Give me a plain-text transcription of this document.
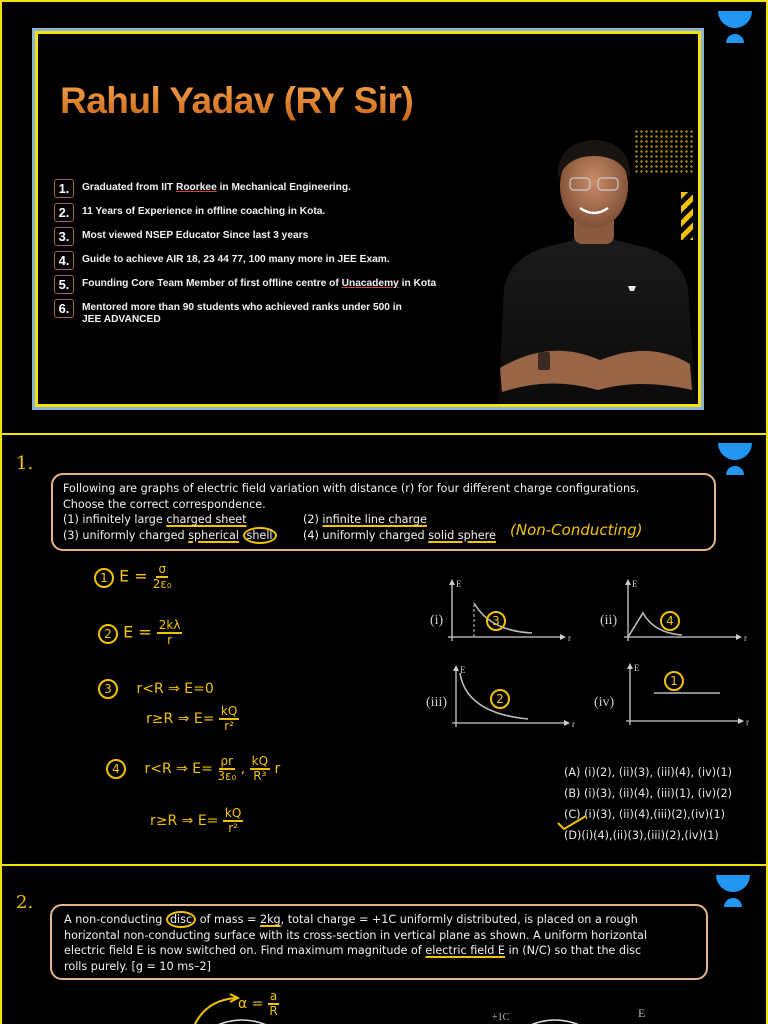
Rahul Yadav (RY Sir)
1.	Graduated from IIT Roorkee in Mechanical Engineering.
2.	11 Years of Experience in offline coaching in Kota.
3.	Most viewed NSEP Educator Since last 3 years
4.	Guide to achieve AIR 18, 23 44 77, 100 many more in JEE Exam.
5.	Founding Core Team Member of first offline centre of Unacademy in Kota
6.	Mentored more than 90 students who achieved ranks under 500 in
JEE ADVANCED
1.
Following are graphs of electric field variation with distance (r) for four different charge configurations.
Choose the correct correspondence.
(1) infinitely large charged sheet	(2) infinite line charge
(3) uniformly charged spherical shell	(4) uniformly charged solid sphere (Non-Conducting)
1 $E = \frac{\sigma}{\text{2ε₀}}$
2 $E = \frac{2k\lambda}{r}$
3 r<R ⇒ E=0
r≥R ⇒ $E= \frac{kQ}{\text{r²}}$
4 r<R ⇒ $E= \frac{\rho r}{\text{3ε₀}}$ , $\frac{kQ}{\text{R³}}$ r
r≥R ⇒ $E= \frac{kQ}{\text{r²}}$
(i)
E
r
3	(ii)
E
r
4
(iii)
E
r
2	(iv)
E
r
1
(A) (i)(2), (ii)(3), (iii)(4), (iv)(1)
(B) (i)(3), (ii)(4), (iii)(1), (iv)(2)
(C) (i)(3), (ii)(4),(iii)(2),(iv)(1)
(D)(i)(4),(ii)(3),(iii)(2),(iv)(1)
2.
A non-conducting disc of mass = 2kg, total charge = +1C uniformly distributed, is placed on a rough
horizontal non-conducting surface with its cross-section in vertical plane as shown. A uniform horizontal
electric field E is now switched on. Find maximum magnitude of electric field E in (N/C) so that the disc
rolls purely. [g = 10 ms–2]
$\alpha = \frac{a}{R}$	+1C	E
